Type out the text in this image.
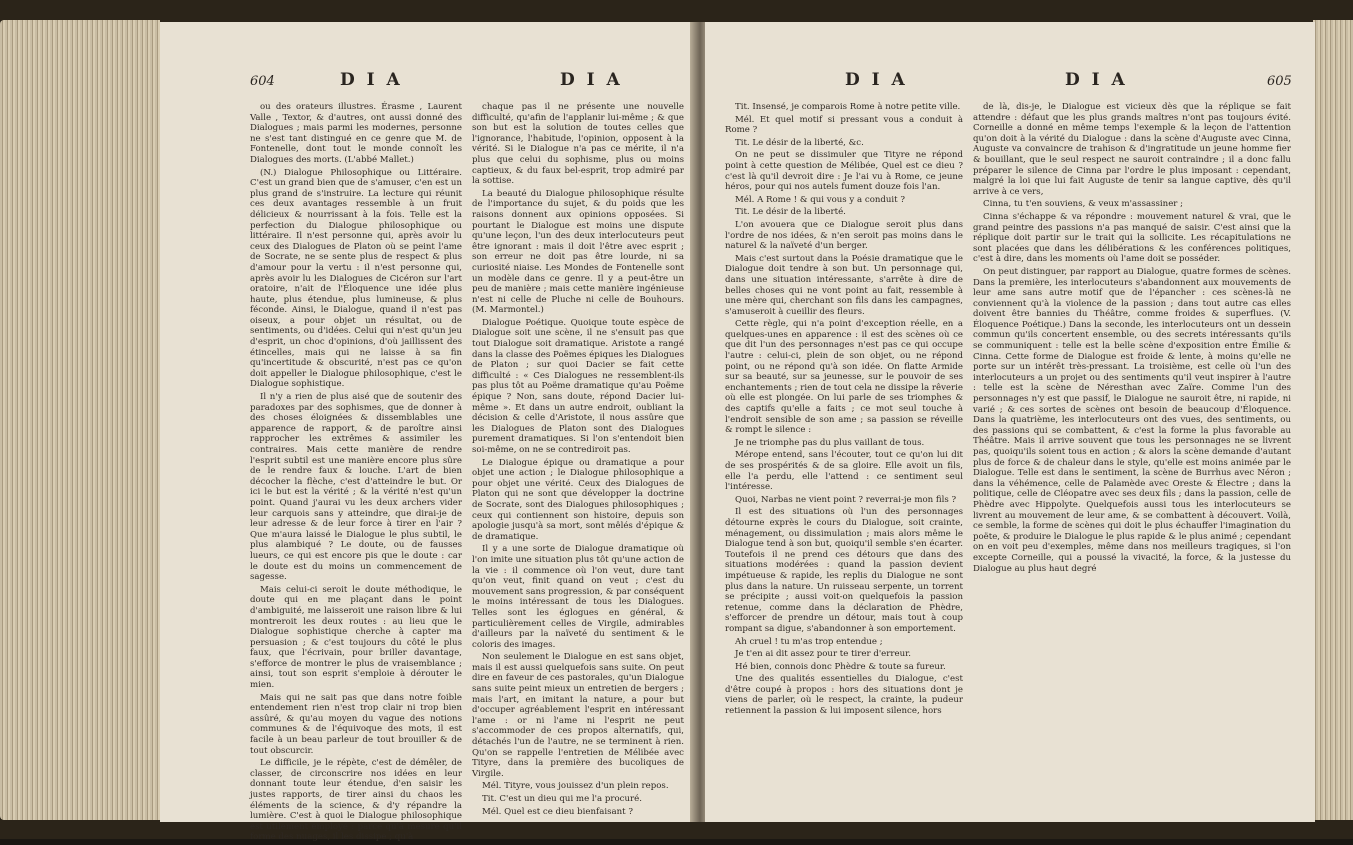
604	D I A	D I A

ou des orateurs illustres. Érasme , Laurent Valle , Textor, & d'autres, ont aussi donné des Dialogues ; mais parmi les modernes, personne ne s'est tant distingué en ce genre que M. de Fontenelle, dont tout le monde connoît les Dialogues des morts. (L'abbé Mallet.)

(N.) Dialogue Philosophique ou Littéraire. C'est un grand bien que de s'amuser, c'en est un plus grand de s'instruire. La lecture qui réunit ces deux avantages ressemble à un fruit délicieux & nourrissant à la fois. Telle est la perfection du Dialogue philosophique ou littéraire. Il n'est personne qui, après avoir lu ceux des Dialogues de Platon où se peint l'ame de Socrate, ne se sente plus de respect & plus d'amour pour la vertu : il n'est personne qui, après avoir lu les Dialogues de Cicéron sur l'art oratoire, n'ait de l'Éloquence une idée plus haute, plus étendue, plus lumineuse, & plus féconde. Ainsi, le Dialogue, quand il n'est pas oiseux, a pour objet un résultat, ou de sentiments, ou d'idées. Celui qui n'est qu'un jeu d'esprit, un choc d'opinions, d'où jaillissent des étincelles, mais qui ne laisse à sa fin qu'incertitude & obscurité, n'est pas ce qu'on doit appeller le Dialogue philosophique, c'est le Dialogue sophistique.

Il n'y a rien de plus aisé que de soutenir des paradoxes par des sophismes, que de donner à des choses éloignées & dissemblables une apparence de rapport, & de paroître ainsi rapprocher les extrêmes & assimiler les contraires. Mais cette manière de rendre l'esprit subtil est une manière encore plus sûre de le rendre faux & louche. L'art de bien décocher la flèche, c'est d'atteindre le but. Or ici le but est la vérité ; & la vérité n'est qu'un point. Quand j'aurai vu les deux archers vider leur carquois sans y atteindre, que dirai-je de leur adresse & de leur force à tirer en l'air ? Que m'aura laissé le Dialogue le plus subtil, le plus alambiqué ? Le doute, ou de fausses lueurs, ce qui est encore pis que le doute : car le doute est du moins un commencement de sagesse.

Mais celui-ci seroit le doute méthodique, le doute qui en me plaçant dans le point d'ambiguité, me laisseroit une raison libre & lui montreroit les deux routes : au lieu que le Dialogue sophistique cherche à capter ma persuasion ; & c'est toujours du côté le plus faux, que l'écrivain, pour briller davantage, s'efforce de montrer le plus de vraisemblance ; ainsi, tout son esprit s'emploie à dérouter le mien.

Mais qui ne sait pas que dans notre foible entendement rien n'est trop clair ni trop bien assûré, & qu'au moyen du vague des notions communes & de l'équivoque des mots, il est facile à un beau parleur de tout brouiller & de tout obscurcir.

Le difficile, je le répète, c'est de démêler, de classer, de circonscrire nos idées en leur donnant toute leur étendue, d'en saisir les justes rapports, de tirer ainsi du chaos les éléments de la science, & d'y répandre la lumière. C'est à quoi le Dialogue philosophique est utilement employé : parce qu'à mesure qu'il forme des nuages, il les dissipe ; qu'à

chaque pas il ne présente une nouvelle difficulté, qu'afin de l'applanir lui-même ; & que son but est la solution de toutes celles que l'ignorance, l'habitude, l'opinion, opposent à la vérité. Si le Dialogue n'a pas ce mérite, il n'a plus que celui du sophisme, plus ou moins captieux, & du faux bel-esprit, trop admiré par la sottise.

La beauté du Dialogue philosophique résulte de l'importance du sujet, & du poids que les raisons donnent aux opinions opposées. Si pourtant le Dialogue est moins une dispute qu'une leçon, l'un des deux interlocuteurs peut être ignorant : mais il doit l'être avec esprit ; son erreur ne doit pas être lourde, ni sa curiosité niaise. Les Mondes de Fontenelle sont un modèle dans ce genre. Il y a peut-être un peu de manière ; mais cette manière ingénieuse n'est ni celle de Pluche ni celle de Bouhours. (M. Marmontel.)

Dialogue Poétique. Quoique toute espèce de Dialogue soit une scène, il ne s'ensuit pas que tout Dialogue soit dramatique. Aristote a rangé dans la classe des Poëmes épiques les Dialogues de Platon ; sur quoi Dacier se fait cette difficulté : « Ces Dialogues ne ressemblent-ils pas plus tôt au Poëme dramatique qu'au Poëme épique ? Non, sans doute, répond Dacier lui-même ». Et dans un autre endroit, oubliant la décision & celle d'Aristote, il nous assûre que les Dialogues de Platon sont des Dialogues purement dramatiques. Si l'on s'entendoit bien soi-même, on ne se contrediroit pas.

Le Dialogue épique ou dramatique a pour objet une action ; le Dialogue philosophique a pour objet une vérité. Ceux des Dialogues de Platon qui ne sont que développer la doctrine de Socrate, sont des Dialogues philosophiques ; ceux qui contiennent son histoire, depuis son apologie jusqu'à sa mort, sont mêlés d'épique & de dramatique.

Il y a une sorte de Dialogue dramatique où l'on imite une situation plus tôt qu'une action de la vie : il commence où l'on veut, dure tant qu'on veut, finit quand on veut ; c'est du mouvement sans progression, & par conséquent le moins intéressant de tous les Dialogues. Telles sont les églogues en général, & particulièrement celles de Virgile, admirables d'ailleurs par la naïveté du sentiment & le coloris des images.

Non seulement le Dialogue en est sans objet, mais il est aussi quelquefois sans suite. On peut dire en faveur de ces pastorales, qu'un Dialogue sans suite peint mieux un entretien de bergers ; mais l'art, en imitant la nature, a pour but d'occuper agréablement l'esprit en intéressant l'ame : or ni l'ame ni l'esprit ne peut s'accommoder de ces propos alternatifs, qui, détachés l'un de l'autre, ne se terminent à rien. Qu'on se rappelle l'entretien de Mélibée avec Tityre, dans la première des bucoliques de Virgile.

Mél. Tityre, vous jouissez d'un plein repos.

Tit. C'est un dieu qui me l'a procuré.

Mél. Quel est ce dieu bienfaisant ?

D I A	D I A	605

Tit. Insensé, je comparois Rome à notre petite ville.

Mél. Et quel motif si pressant vous a conduit à Rome ?

Tit. Le désir de la liberté, &c.

On ne peut se dissimuler que Tityre ne répond point à cette question de Mélibée, Quel est ce dieu ? c'est là qu'il devroit dire : Je l'ai vu à Rome, ce jeune héros, pour qui nos autels fument douze fois l'an.

Mél. A Rome ! & qui vous y a conduit ?

Tit. Le désir de la liberté.

L'on avouera que ce Dialogue seroit plus dans l'ordre de nos idées, & n'en seroit pas moins dans le naturel & la naïveté d'un berger.

Mais c'est surtout dans la Poésie dramatique que le Dialogue doit tendre à son but. Un personnage qui, dans une situation intéressante, s'arrête à dire de belles choses qui ne vont point au fait, ressemble à une mère qui, cherchant son fils dans les campagnes, s'amuseroit à cueillir des fleurs.

Cette règle, qui n'a point d'exception réelle, en a quelques-unes en apparence : il est des scènes où ce que dit l'un des personnages n'est pas ce qui occupe l'autre : celui-ci, plein de son objet, ou ne répond point, ou ne répond qu'à son idée. On flatte Armide sur sa beauté, sur sa jeunesse, sur le pouvoir de ses enchantements ; rien de tout cela ne dissipe la rêverie où elle est plongée. On lui parle de ses triomphes & des captifs qu'elle a faits ; ce mot seul touche à l'endroit sensible de son ame ; sa passion se réveille & rompt le silence :

Je ne triomphe pas du plus vaillant de tous.

Mérope entend, sans l'écouter, tout ce qu'on lui dit de ses prospérités & de sa gloire. Elle avoit un fils, elle l'a perdu, elle l'attend : ce sentiment seul l'intéresse.

Quoi, Narbas ne vient point ? reverrai-je mon fils ?

Il est des situations où l'un des personnages détourne exprès le cours du Dialogue, soit crainte, ménagement, ou dissimulation ; mais alors même le Dialogue tend à son but, quoiqu'il semble s'en écarter. Toutefois il ne prend ces détours que dans des situations modérées : quand la passion devient impétueuse & rapide, les replis du Dialogue ne sont plus dans la nature. Un ruisseau serpente, un torrent se précipite ; aussi voit-on quelquefois la passion retenue, comme dans la déclaration de Phèdre, s'efforcer de prendre un détour, mais tout à coup rompant sa digue, s'abandonner à son emportement.

Ah cruel ! tu m'as trop entendue ;

Je t'en ai dit assez pour te tirer d'erreur.

Hé bien, connois donc Phèdre & toute sa fureur.

Une des qualités essentielles du Dialogue, c'est d'être coupé à propos : hors des situations dont je viens de parler, où le respect, la crainte, la pudeur retiennent la passion & lui imposent silence, hors

de là, dis-je, le Dialogue est vicieux dès que la réplique se fait attendre : défaut que les plus grands maîtres n'ont pas toujours évité. Corneille a donné en même temps l'exemple & la leçon de l'attention qu'on doit à la vérité du Dialogue : dans la scène d'Auguste avec Cinna, Auguste va convaincre de trahison & d'ingratitude un jeune homme fier & bouillant, que le seul respect ne sauroit contraindre ; il a donc fallu préparer le silence de Cinna par l'ordre le plus imposant : cependant, malgré la loi que lui fait Auguste de tenir sa langue captive, dès qu'il arrive à ce vers,

Cinna, tu t'en souviens, & veux m'assassiner ;

Cinna s'échappe & va répondre : mouvement naturel & vrai, que le grand peintre des passions n'a pas manqué de saisir. C'est ainsi que la réplique doit partir sur le trait qui la sollicite. Les récapitulations ne sont placées que dans les délibérations & les conférences politiques, c'est à dire, dans les moments où l'ame doit se posséder.

On peut distinguer, par rapport au Dialogue, quatre formes de scènes. Dans la première, les interlocuteurs s'abandonnent aux mouvements de leur ame sans autre motif que de l'épancher : ces scènes-là ne conviennent qu'à la violence de la passion ; dans tout autre cas elles doivent être bannies du Théâtre, comme froides & superflues. (V. Éloquence Poétique.) Dans la seconde, les interlocuteurs ont un dessein commun qu'ils concertent ensemble, ou des secrets intéressants qu'ils se communiquent : telle est la belle scène d'exposition entre Émilie & Cinna. Cette forme de Dialogue est froide & lente, à moins qu'elle ne porte sur un intérêt très-pressant. La troisième, est celle où l'un des interlocuteurs a un projet ou des sentiments qu'il veut inspirer à l'autre : telle est la scène de Néresthan avec Zaïre. Comme l'un des personnages n'y est que passif, le Dialogue ne sauroit être, ni rapide, ni varié ; & ces sortes de scènes ont besoin de beaucoup d'Éloquence. Dans la quatrième, les interlocuteurs ont des vues, des sentiments, ou des passions qui se combattent, & c'est la forme la plus favorable au Théâtre. Mais il arrive souvent que tous les personnages ne se livrent pas, quoiqu'ils soient tous en action ; & alors la scène demande d'autant plus de force & de chaleur dans le style, qu'elle est moins animée par le Dialogue. Telle est dans le sentiment, la scène de Burrhus avec Néron ; dans la véhémence, celle de Palamède avec Oreste & Électre ; dans la politique, celle de Cléopatre avec ses deux fils ; dans la passion, celle de Phèdre avec Hippolyte. Quelquefois aussi tous les interlocuteurs se livrent au mouvement de leur ame, & se combattent à découvert. Voilà, ce semble, la forme de scènes qui doit le plus échauffer l'imagination du poëte, & produire le Dialogue le plus rapide & le plus animé ; cependant on en voit peu d'exemples, même dans nos meilleurs tragiques, si l'on excepte Corneille, qui a poussé la vivacité, la force, & la justesse du Dialogue au plus haut degré
